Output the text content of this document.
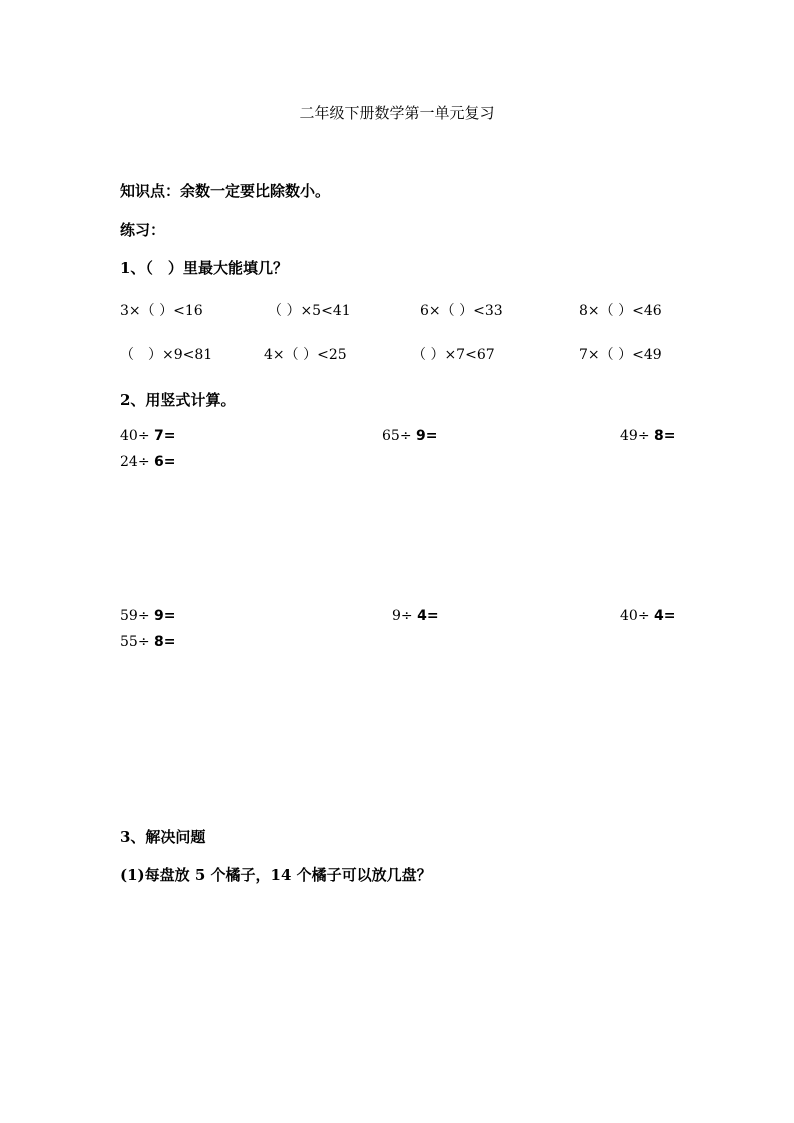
二年级下册数学第一单元复习
知识点：余数一定要比除数小。
练习：
1、（　）里最大能填几？
3×（ ）<16	（ ）×5<41	6×（ ）<33	8×（ ）<46
（　）×9<81	4×（ ）<25	（ ）×7<67	7×（ ）<49
2、用竖式计算。
40÷ 7=	65÷ 9=	49÷ 8=
24÷ 6=
59÷ 9=	9÷ 4=	40÷ 4=
55÷ 8=
3、解决问题
(1)每盘放 5 个橘子，14 个橘子可以放几盘？
